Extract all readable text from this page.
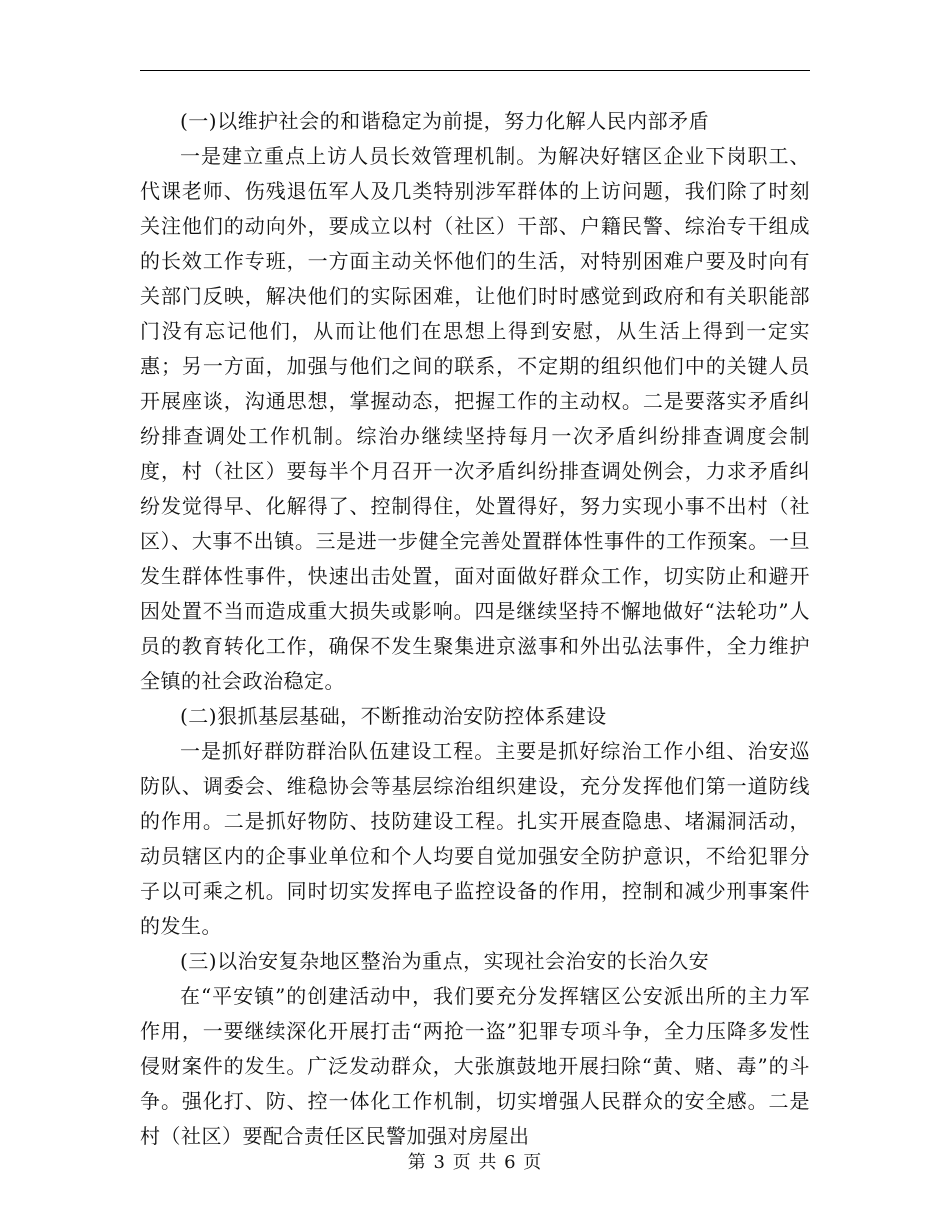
(一)以维护社会的和谐稳定为前提，努力化解人民内部矛盾

一是建立重点上访人员长效管理机制。为解决好辖区企业下岗职工、代课老师、伤残退伍军人及几类特别涉军群体的上访问题，我们除了时刻关注他们的动向外，要成立以村（社区）干部、户籍民警、综治专干组成的长效工作专班，一方面主动关怀他们的生活，对特别困难户要及时向有关部门反映，解决他们的实际困难，让他们时时感觉到政府和有关职能部门没有忘记他们，从而让他们在思想上得到安慰，从生活上得到一定实惠；另一方面，加强与他们之间的联系，不定期的组织他们中的关键人员开展座谈，沟通思想，掌握动态，把握工作的主动权。二是要落实矛盾纠纷排查调处工作机制。综治办继续坚持每月一次矛盾纠纷排查调度会制度，村（社区）要每半个月召开一次矛盾纠纷排查调处例会，力求矛盾纠纷发觉得早、化解得了、控制得住，处置得好，努力实现小事不出村（社区）、大事不出镇。三是进一步健全完善处置群体性事件的工作预案。一旦发生群体性事件，快速出击处置，面对面做好群众工作，切实防止和避开因处置不当而造成重大损失或影响。四是继续坚持不懈地做好“法轮功”人员的教育转化工作，确保不发生聚集进京滋事和外出弘法事件，全力维护全镇的社会政治稳定。

(二)狠抓基层基础，不断推动治安防控体系建设

一是抓好群防群治队伍建设工程。主要是抓好综治工作小组、治安巡防队、调委会、维稳协会等基层综治组织建设，充分发挥他们第一道防线的作用。二是抓好物防、技防建设工程。扎实开展查隐患、堵漏洞活动，动员辖区内的企事业单位和个人均要自觉加强安全防护意识，不给犯罪分子以可乘之机。同时切实发挥电子监控设备的作用，控制和减少刑事案件的发生。

(三)以治安复杂地区整治为重点，实现社会治安的长治久安

在“平安镇”的创建活动中，我们要充分发挥辖区公安派出所的主力军作用，一要继续深化开展打击“两抢一盗”犯罪专项斗争，全力压降多发性侵财案件的发生。广泛发动群众，大张旗鼓地开展扫除“黄、赌、毒”的斗争。强化打、防、控一体化工作机制，切实增强人民群众的安全感。二是村（社区）要配合责任区民警加强对房屋出

第 3 页 共 6 页
